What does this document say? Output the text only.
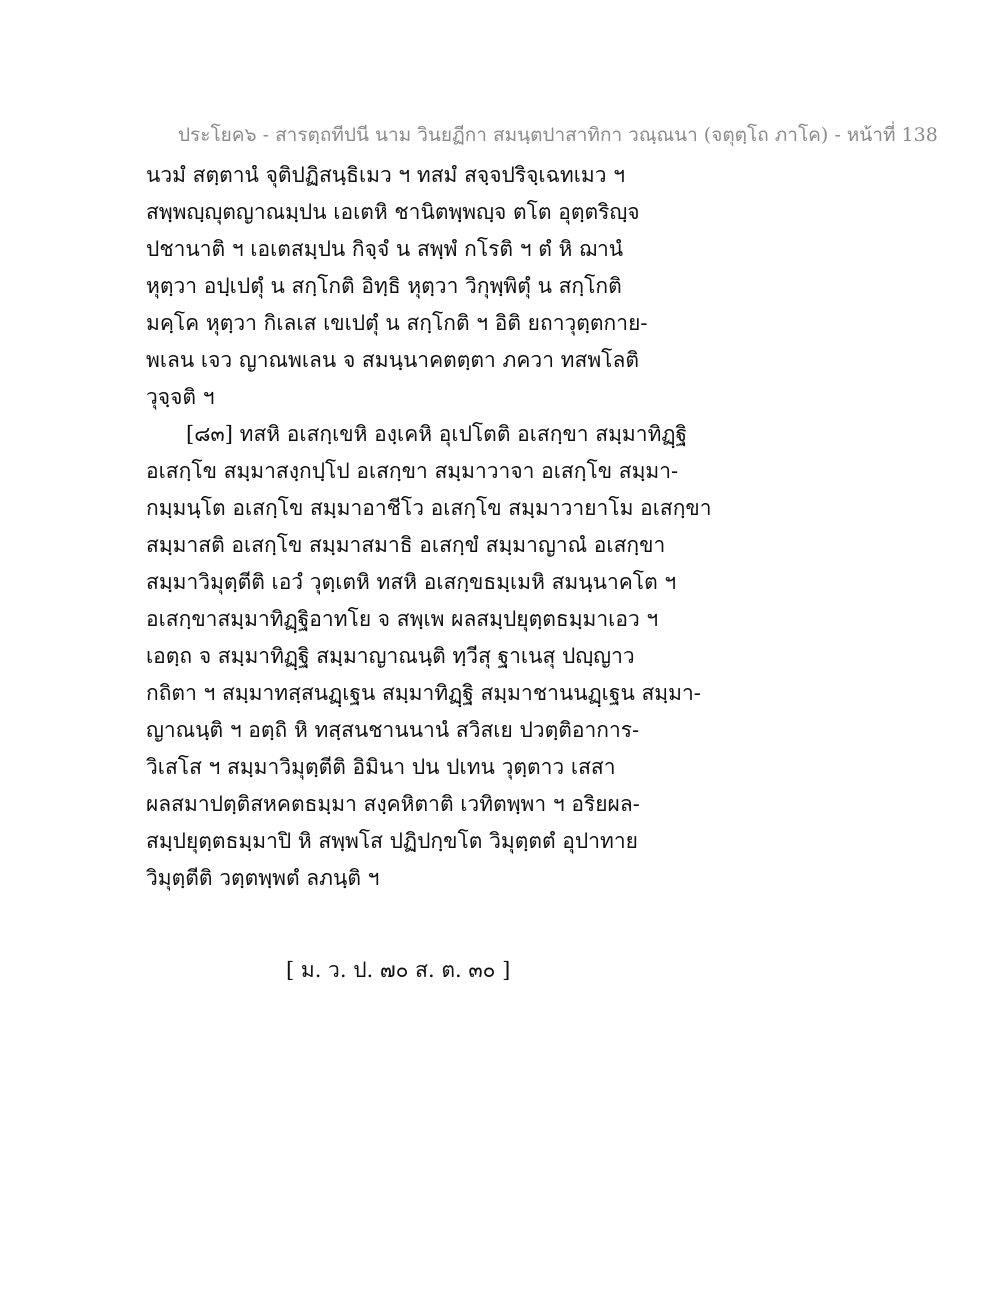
ประโยค๖ - สารตฺถทีปนี นาม วินยฏีกา สมนฺตปาสาทิกา วณฺณนา (จตุตฺโถ ภาโค) - หน้าที่ 138
นวมํ สตฺตานํ จุติปฏิสนฺธิเมว ฯ ทสมํ สจฺจปริจฺเฉทเมว ฯ
สพฺพญฺญุตญาณมฺปน เอเตหิ ชานิตพฺพญฺจ ตโต อุตฺตริญฺจ
ปชานาติ ฯ เอเตสมฺปน กิจฺจํ น สพฺพํ กโรติ ฯ ตํ หิ ฌานํ
หุตฺวา อปฺเปตุํ น สกฺโกติ อิทฺธิ หุตฺวา วิกุพฺพิตุํ น สกฺโกติ
มคฺโค หุตฺวา กิเลเส เขเปตุํ น สกฺโกติ ฯ อิติ ยถาวุตฺตกาย-
พเลน เจว ญาณพเลน จ สมนฺนาคตตฺตา ภควา ทสพโลติ
วุจฺจติ ฯ
[๘๓] ทสหิ อเสกฺเขหิ องฺเคหิ อุเปโตติ อเสกฺขา สมฺมาทิฏฺฐิ
อเสกฺโข สมฺมาสงฺกปฺโป อเสกฺขา สมฺมาวาจา อเสกฺโข สมฺมา-
กมฺมนฺโต อเสกฺโข สมฺมาอาชีโว อเสกฺโข สมฺมาวายาโม อเสกฺขา
สมฺมาสติ อเสกฺโข สมฺมาสมาธิ อเสกฺขํ สมฺมาญาณํ อเสกฺขา
สมฺมาวิมุตฺตีติ เอวํ วุตฺเตหิ ทสหิ อเสกฺขธมฺเมหิ สมนฺนาคโต ฯ
อเสกฺขาสมฺมาทิฏฺฐิอาทโย จ สพฺเพ ผลสมฺปยุตฺตธมฺมาเอว ฯ
เอตฺถ จ สมฺมาทิฏฺฐิ สมฺมาญาณนฺติ ทฺวีสุ ฐาเนสุ ปญฺญาว
กถิตา ฯ สมฺมาทสฺสนฏฺเฐน สมฺมาทิฏฺฐิ สมฺมาชานนฏฺเฐน สมฺมา-
ญาณนฺติ ฯ อตฺถิ หิ ทสฺสนชานนานํ สวิสเย ปวตฺติอาการ-
วิเสโส ฯ สมฺมาวิมุตฺตีติ อิมินา ปน ปเทน วุตฺตาว เสสา
ผลสมาปตฺติสหคตธมฺมา สงฺคหิตาติ เวทิตพฺพา ฯ อริยผล-
สมฺปยุตฺตธมฺมาปิ หิ สพฺพโส ปฏิปกฺขโต วิมุตฺตตํ อุปาทาย
วิมุตฺตีติ วตฺตพฺพตํ ลภนฺติ ฯ
[ ม. ว. ป. ๗๐ ส. ต. ๓๐ ]
